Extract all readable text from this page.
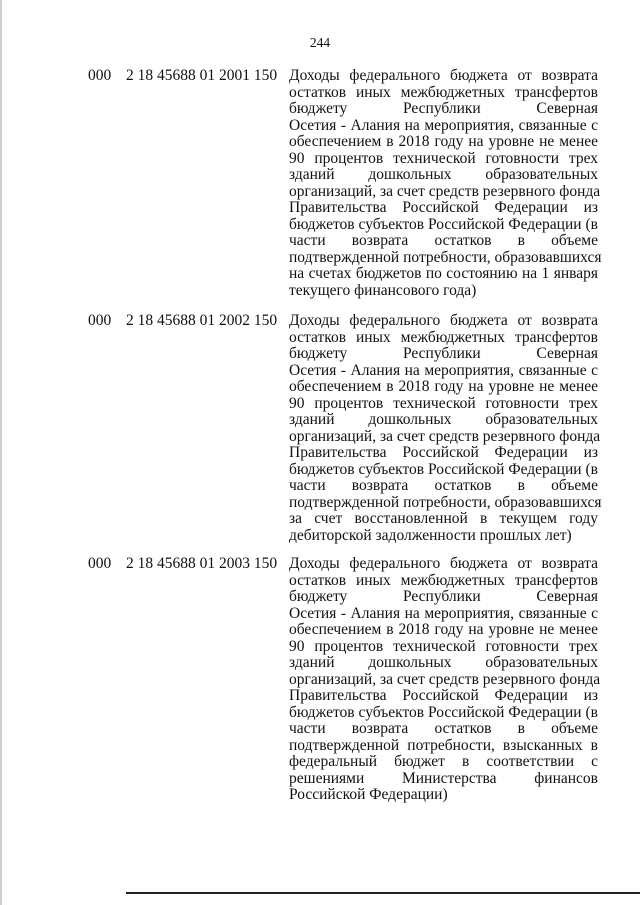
244
000 2 18 45688 01 2001 150 Доходы федерального бюджета от возврата
остатков иных межбюджетных трансфертов
бюджету Республики Северная
Осетия - Алания на мероприятия, связанные с
обеспечением в 2018 году на уровне не менее
90 процентов технической готовности трех
зданий дошкольных образовательных
организаций, за счет средств резервного фонда
Правительства Российской Федерации из
бюджетов субъектов Российской Федерации (в
части возврата остатков в объеме
подтвержденной потребности, образовавшихся
на счетах бюджетов по состоянию на 1 января
текущего финансового года)
000 2 18 45688 01 2002 150 Доходы федерального бюджета от возврата
остатков иных межбюджетных трансфертов
бюджету Республики Северная
Осетия - Алания на мероприятия, связанные с
обеспечением в 2018 году на уровне не менее
90 процентов технической готовности трех
зданий дошкольных образовательных
организаций, за счет средств резервного фонда
Правительства Российской Федерации из
бюджетов субъектов Российской Федерации (в
части возврата остатков в объеме
подтвержденной потребности, образовавшихся
за счет восстановленной в текущем году
дебиторской задолженности прошлых лет)
000 2 18 45688 01 2003 150 Доходы федерального бюджета от возврата
остатков иных межбюджетных трансфертов
бюджету Республики Северная
Осетия - Алания на мероприятия, связанные с
обеспечением в 2018 году на уровне не менее
90 процентов технической готовности трех
зданий дошкольных образовательных
организаций, за счет средств резервного фонда
Правительства Российской Федерации из
бюджетов субъектов Российской Федерации (в
части возврата остатков в объеме
подтвержденной потребности, взысканных в
федеральный бюджет в соответствии с
решениями Министерства финансов
Российской Федерации)
